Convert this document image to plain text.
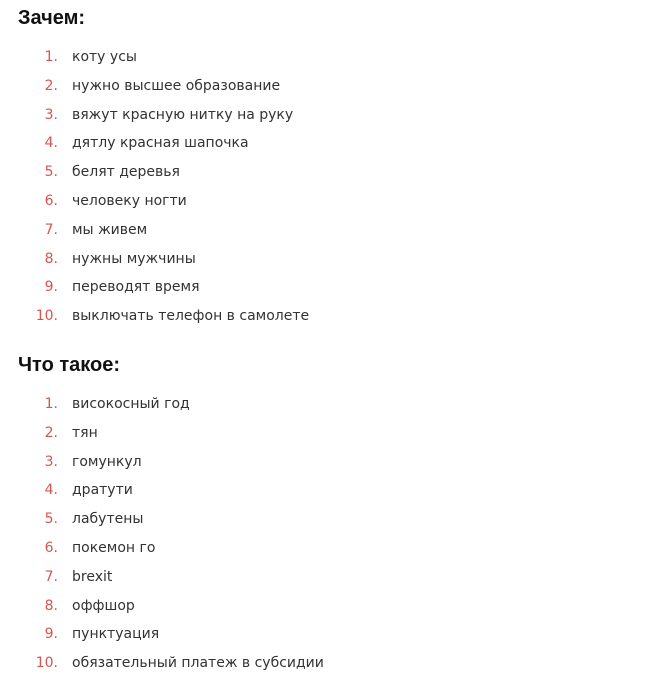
Зачем:
1. коту усы
2. нужно высшее образование
3. вяжут красную нитку на руку
4. дятлу красная шапочка
5. белят деревья
6. человеку ногти
7. мы живем
8. нужны мужчины
9. переводят время
10. выключать телефон в самолете
Что такое:
1. високосный год
2. тян
3. гомункул
4. дратути
5. лабутены
6. покемон го
7. brexit
8. оффшор
9. пунктуация
10. обязательный платеж в субсидии
